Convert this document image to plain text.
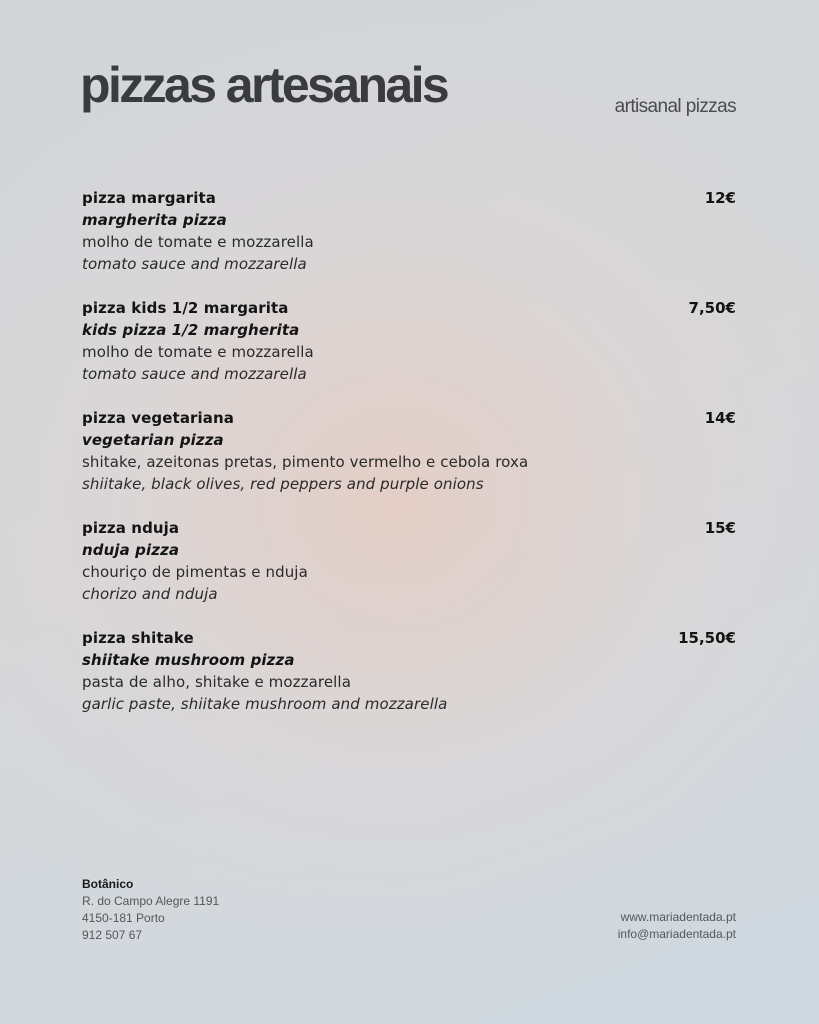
pizzas artesanais	artisanal pizzas
pizza margarita
margherita pizza
molho de tomate e mozzarella
tomato sauce and mozzarella
12€
pizza kids 1/2 margarita
kids pizza 1/2 margherita
molho de tomate e mozzarella
tomato sauce and mozzarella
7,50€
pizza vegetariana
vegetarian pizza
shitake, azeitonas pretas, pimento vermelho e cebola roxa
shiitake, black olives, red peppers and purple onions
14€
pizza nduja
nduja pizza
chouriço de pimentas e nduja
chorizo and nduja
15€
pizza shitake
shiitake mushroom pizza
pasta de alho, shitake e mozzarella
garlic paste, shiitake mushroom and mozzarella
15,50€
Botânico
R. do Campo Alegre 1191
4150-181 Porto
912 507 67
www.mariadentada.pt
info@mariadentada.pt
